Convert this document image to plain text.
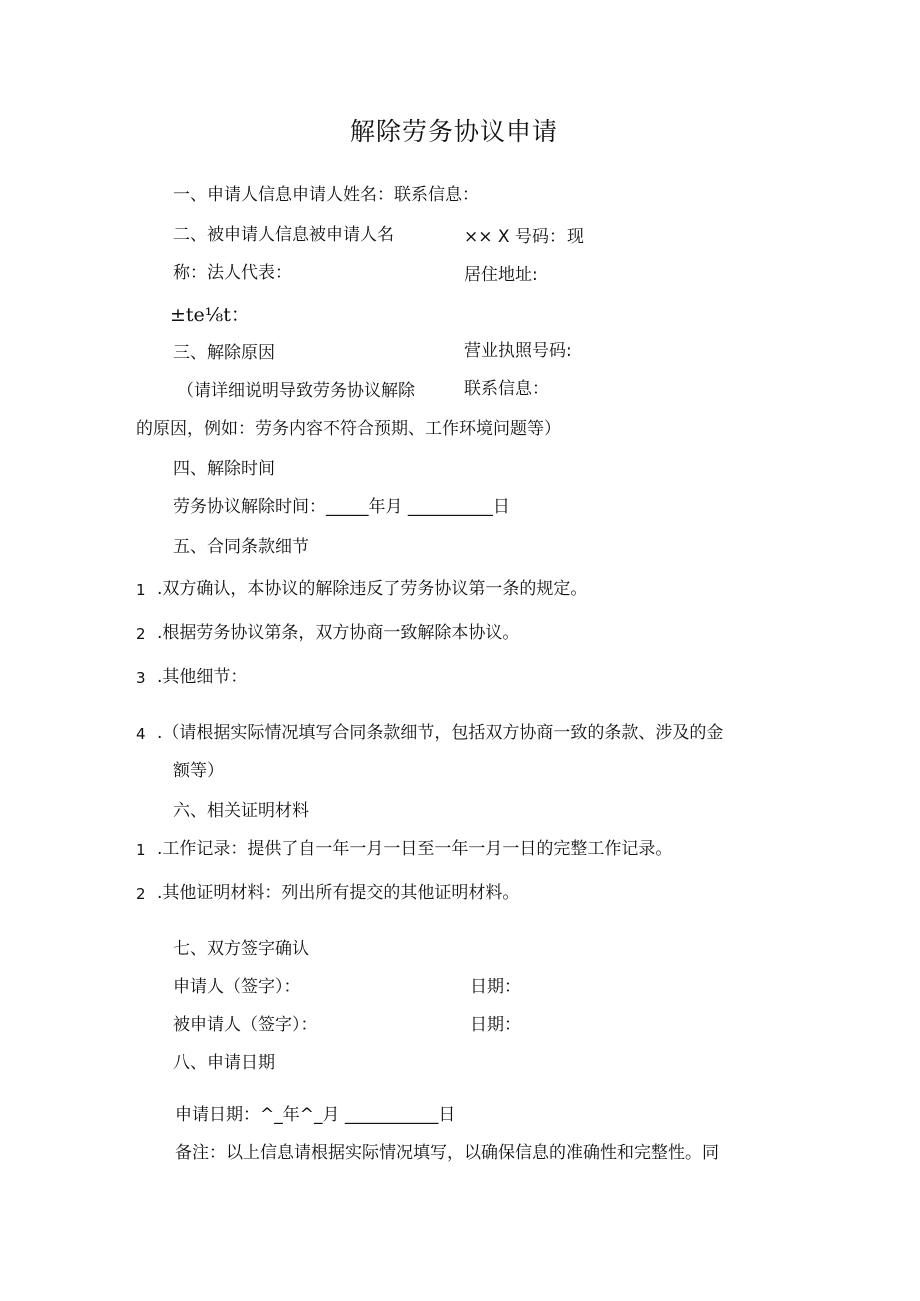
解除劳务协议申请
一、申请人信息申请人姓名：联系信息：
二、被申请人信息被申请人名	×× X 号码： 现
称：法人代表：	居住地址:
±te⅛t：
三、解除原因	营业执照号码:
（请详细说明导致劳务协议解除	联系信息：
的原因，例如：劳务内容不符合预期、工作环境问题等）
四、解除时间
劳务协议解除时间：_____年月 __________日
五、合同条款细节
1 .双方确认，本协议的解除违反了劳务协议第一条的规定。
2 .根据劳务协议第条，双方协商一致解除本协议。
3 .其他细节：
4 .（请根据实际情况填写合同条款细节，包括双方协商一致的条款、涉及的金
额等）
六、相关证明材料
1 .工作记录：提供了自一年一月一日至一年一月一日的完整工作记录。
2 .其他证明材料：列出所有提交的其他证明材料。
七、双方签字确认
申请人（签字）：	日期：
被申请人（签字）：	日期：
八、申请日期
申请日期：^_年^_月 ___________日
备注：以上信息请根据实际情况填写，以确保信息的准确性和完整性。同
